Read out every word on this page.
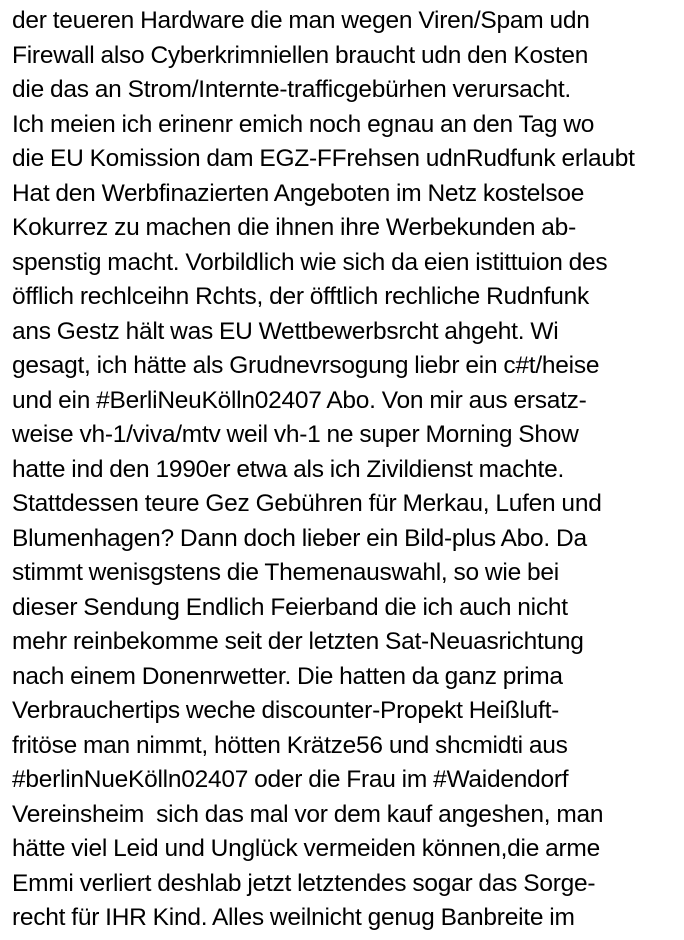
der teueren Hardware die man wegen Viren/Spam udn
Firewall also Cyberkrimniellen braucht udn den Kosten
die das an Strom/Internte-trafficgebürhen verursacht.
Ich meien ich erinenr emich noch egnau an den Tag wo
die EU Komission dam EGZ-FFrehsen udnRudfunk erlaubt
Hat den Werbfinazierten Angeboten im Netz kostelsoe
Kokurrez zu machen die ihnen ihre Werbekunden ab-
spenstig macht. Vorbildlich wie sich da eien istittuion des
öfflich rechlceihn Rchts, der öfftlich rechliche Rudnfunk
ans Gestz hält was EU Wettbewerbsrcht ahgeht. Wi
gesagt, ich hätte als Grudnevrsogung liebr ein c#t/heise
und ein #BerliNeuKölln02407 Abo. Von mir aus ersatz-
weise vh-1/viva/mtv weil vh-1 ne super Morning Show
hatte ind den 1990er etwa als ich Zivildienst machte.
Stattdessen teure Gez Gebühren für Merkau, Lufen und
Blumenhagen? Dann doch lieber ein Bild-plus Abo. Da
stimmt wenisgstens die Themenauswahl, so wie bei
dieser Sendung Endlich Feierband die ich auch nicht
mehr reinbekomme seit der letzten Sat-Neuasrichtung
nach einem Donenrwetter. Die hatten da ganz prima
Verbrauchertips weche discounter-Propekt Heißluft-
fritöse man nimmt, hötten Krätze56 und shcmidti aus
#berlinNueKölln02407 oder die Frau im #Waidendorf
Vereinsheim  sich das mal vor dem kauf angeshen, man
hätte viel Leid und Unglück vermeiden können,die arme
Emmi verliert deshlab jetzt letztendes sogar das Sorge-
recht für IHR Kind. Alles weilnicht genug Banbreite im
